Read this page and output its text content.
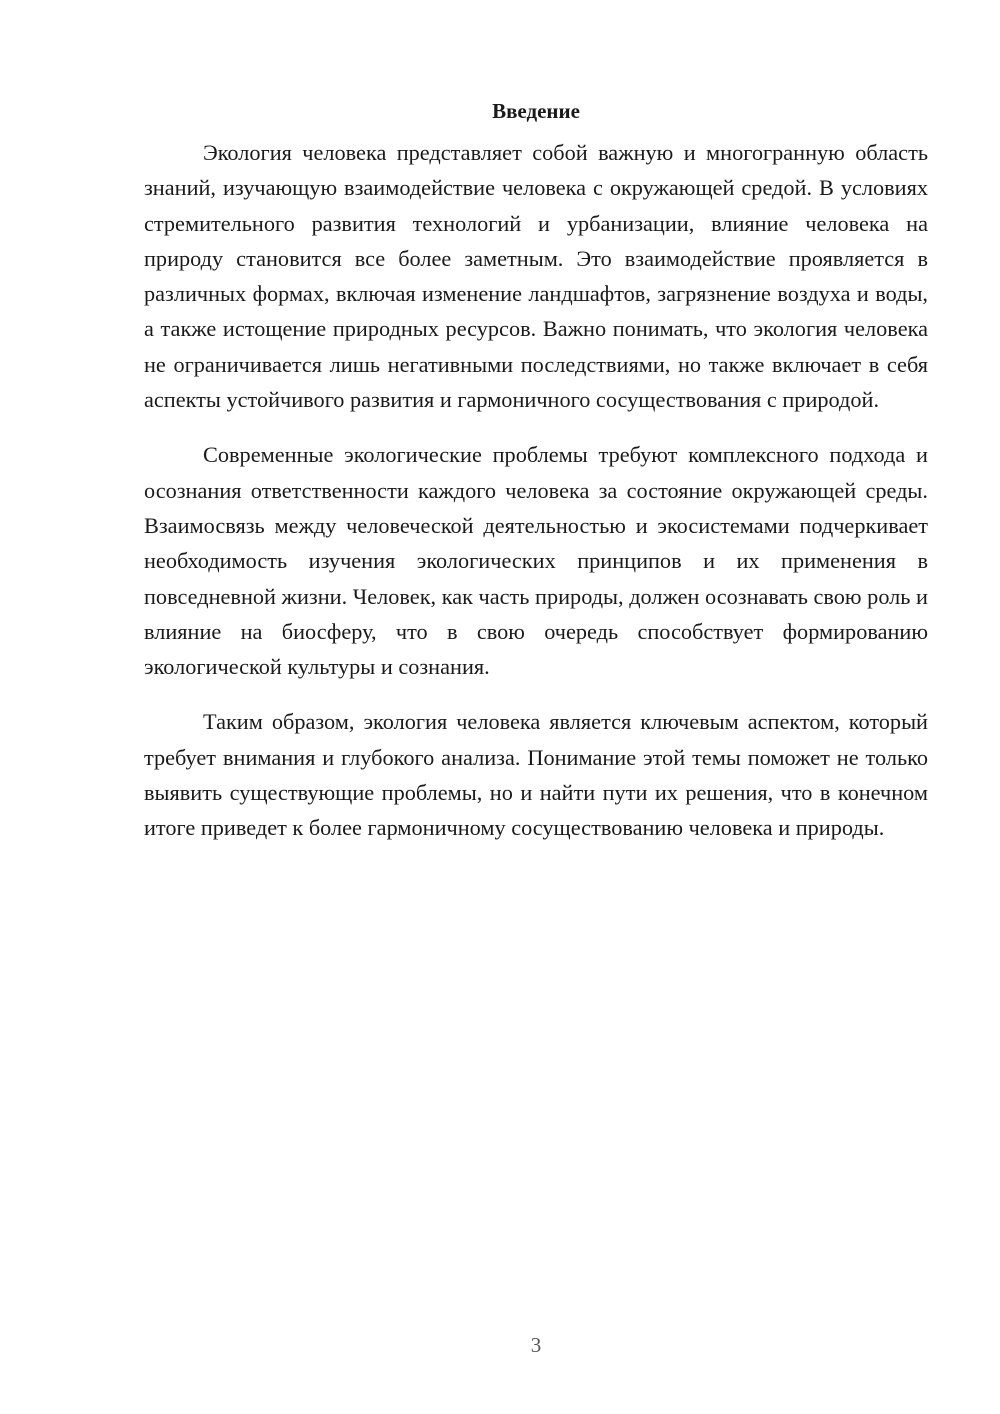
Введение

Экология человека представляет собой важную и многогранную область знаний, изучающую взаимодействие человека с окружающей средой. В условиях стремительного развития технологий и урбанизации, влияние человека на природу становится все более заметным. Это взаимодействие проявляется в различных формах, включая изменение ландшафтов, загрязнение воздуха и воды, а также истощение природных ресурсов. Важно понимать, что экология человека не ограничивается лишь негативными последствиями, но также включает в себя аспекты устойчивого развития и гармоничного сосуществования с природой.

Современные экологические проблемы требуют комплексного подхода и осознания ответственности каждого человека за состояние окружающей среды. Взаимосвязь между человеческой деятельностью и экосистемами подчеркивает необходимость изучения экологических принципов и их применения в повседневной жизни. Человек, как часть природы, должен осознавать свою роль и влияние на биосферу, что в свою очередь способствует формированию экологической культуры и сознания.

Таким образом, экология человека является ключевым аспектом, который требует внимания и глубокого анализа. Понимание этой темы поможет не только выявить существующие проблемы, но и найти пути их решения, что в конечном итоге приведет к более гармоничному сосуществованию человека и природы.

3
